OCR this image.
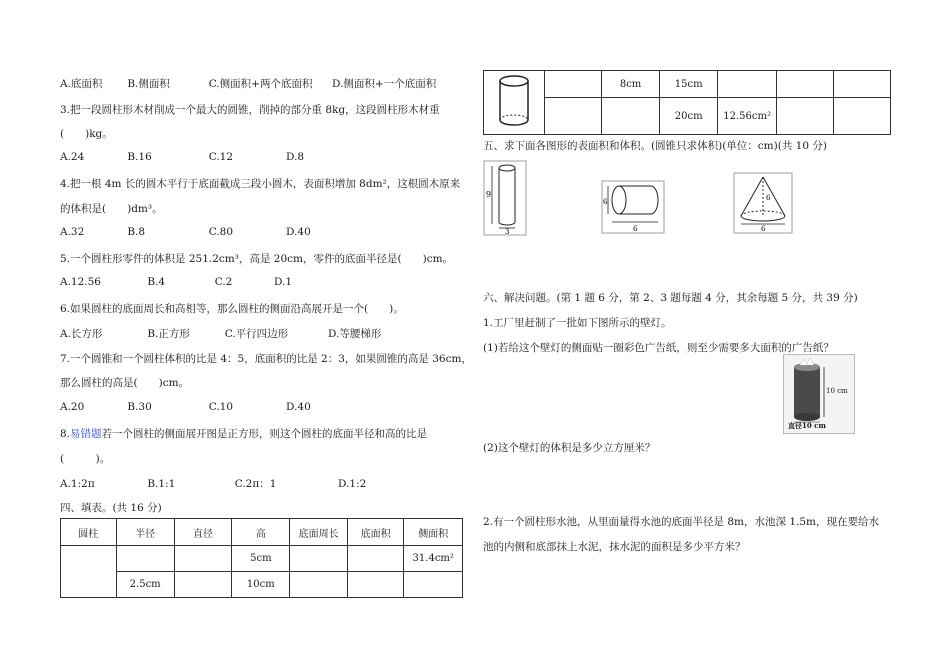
A.底面积 B.侧面积	C.侧面积+两个底面积 D.侧面积+一个底面积
3.把一段圆柱形木材削成一个最大的圆锥，削掉的部分重 8kg，这段圆柱形木材重
(　　)kg。
A.24	B.16	C.12	D.8
4.把一根 4m 长的圆木平行于底面截成三段小圆木，表面积增加 8dm²，这根圆木原来
的体积是(　　)dm³。
A.32	B.8	C.80	D.40
5.一个圆柱形零件的体积是 251.2cm³，高是 20cm，零件的底面半径是(　　)cm。
A.12.56	B.4	C.2	D.1
6.如果圆柱的底面周长和高相等，那么圆柱的侧面沿高展开是一个(　　)。
A.长方形	B.正方形	C.平行四边形	D.等腰梯形
7.一个圆锥和一个圆柱体积的比是 4：5，底面积的比是 2：3，如果圆锥的高是 36cm，
那么圆柱的高是(　　)cm。
A.20	B.30	C.10	D.40
8.易错题若一个圆柱的侧面展开图是正方形，则这个圆柱的底面半径和高的比是
(　　　)。
A.1:2π	B.1:1	C.2π：1	D.1:2
四、填表。(共 16 分)
圆柱	半径	直径	高	底面周长	底面积	侧面积
			5cm			31.4cm²
	2.5cm		10cm			
		8cm	15cm			
			20cm	12.56cm²		
五、求下面各图形的表面积和体积。(圆锥只求体积)(单位：cm)(共 10 分)
9
3
6
6
6
6
六、解决问题。(第 1 题 6 分，第 2、3 题每题 4 分，其余每题 5 分，共 39 分)
1.工厂里赶制了一批如下图所示的壁灯。
(1)若给这个壁灯的侧面贴一圈彩色广告纸，则至少需要多大面积的广告纸？
10 cm
直径10 cm
(2)这个壁灯的体积是多少立方厘米？
2.有一个圆柱形水池，从里面量得水池的底面半径是 8m，水池深 1.5m，现在要给水
池的内侧和底部抹上水泥，抹水泥的面积是多少平方米？
